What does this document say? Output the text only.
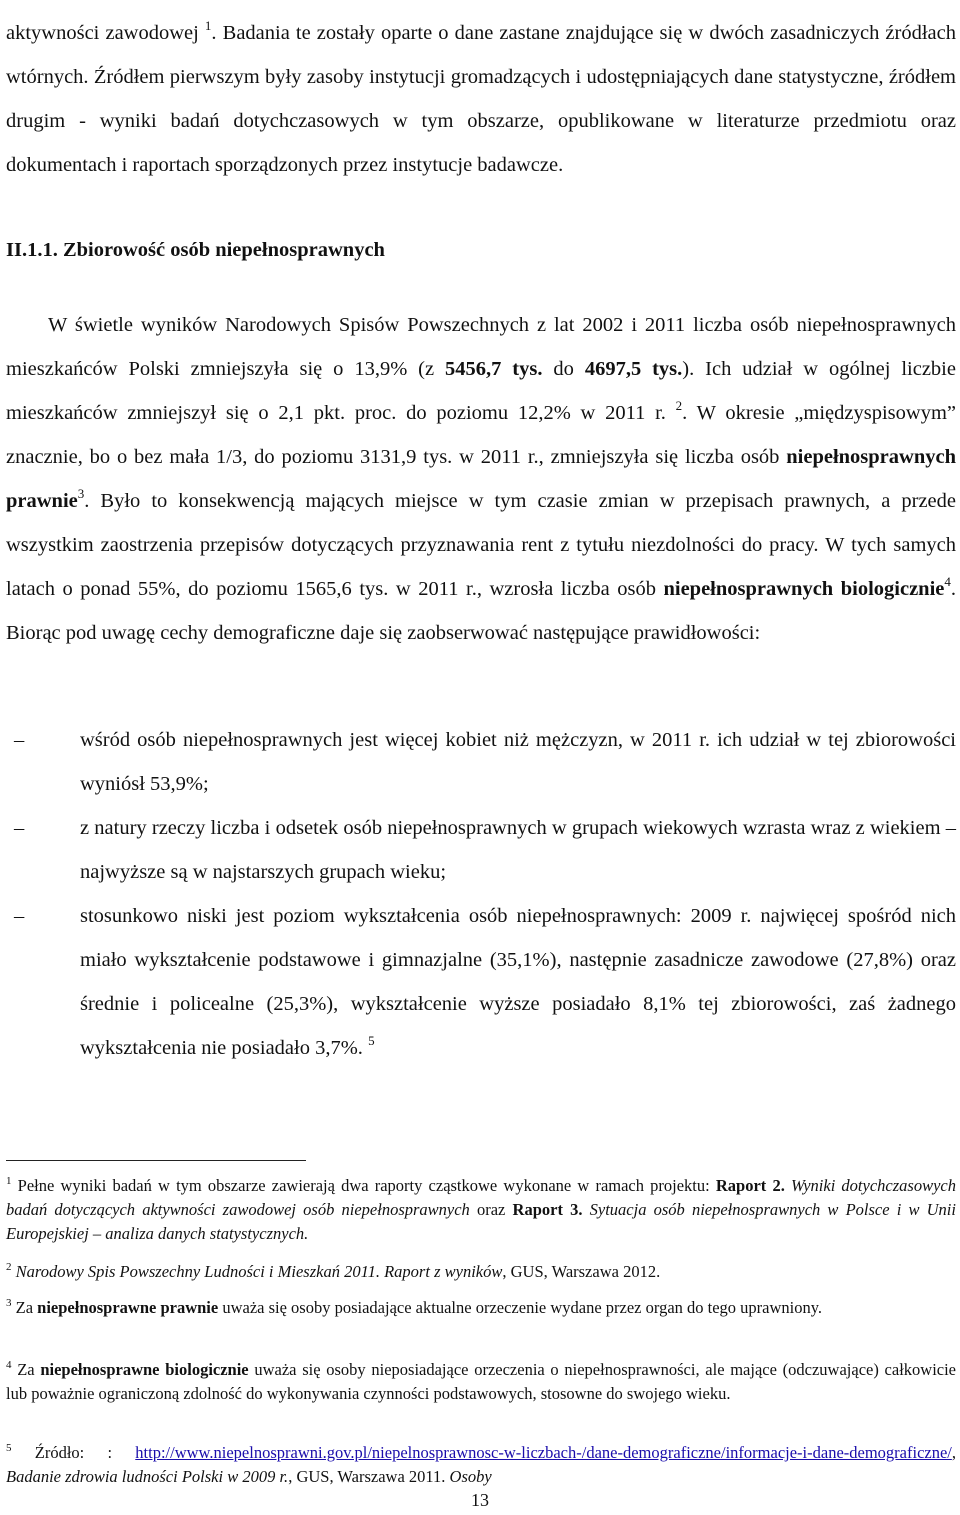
aktywności zawodowej $^1$. Badania te zostały oparte o dane zastane znajdujące się w dwóch zasadniczych źródłach wtórnych. Źródłem pierwszym były zasoby instytucji gromadzących i udostępniających dane statystyczne, źródłem drugim - wyniki badań dotychczasowych w tym obszarze, opublikowane w literaturze przedmiotu oraz dokumentach i raportach sporządzonych przez instytucje badawcze.

II.1.1. Zbiorowość osób niepełnosprawnych

W świetle wyników Narodowych Spisów Powszechnych z lat 2002 i 2011 liczba osób niepełnosprawnych mieszkańców Polski zmniejszyła się o 13,9% (z 5456,7 tys. do 4697,5 tys.). Ich udział w ogólnej liczbie mieszkańców zmniejszył się o 2,1 pkt. proc. do poziomu 12,2% w 2011 r. $^2$. W okresie „międzyspisowym” znacznie, bo o bez mała 1/3, do poziomu 3131,9 tys. w 2011 r., zmniejszyła się liczba osób niepełnosprawnych prawnie$^3$. Było to konsekwencją mających miejsce w tym czasie zmian w przepisach prawnych, a przede wszystkim zaostrzenia przepisów dotyczących przyznawania rent z tytułu niezdolności do pracy. W tych samych latach o ponad 55%, do poziomu 1565,6 tys. w 2011 r., wzrosła liczba osób niepełnosprawnych biologicznie$^4$. Biorąc pod uwagę cechy demograficzne daje się zaobserwować następujące prawidłowości:

–	wśród osób niepełnosprawnych jest więcej kobiet niż mężczyzn, w 2011 r. ich udział w tej zbiorowości wyniósł 53,9%;
–	z natury rzeczy liczba i odsetek osób niepełnosprawnych w grupach wiekowych wzrasta wraz z wiekiem – najwyższe są w najstarszych grupach wieku;
–	stosunkowo niski jest poziom wykształcenia osób niepełnosprawnych: 2009 r. najwięcej spośród nich miało wykształcenie podstawowe i gimnazjalne (35,1%), następnie zasadnicze zawodowe (27,8%) oraz średnie i policealne (25,3%), wykształcenie wyższe posiadało 8,1% tej zbiorowości, zaś żadnego wykształcenia nie posiadało 3,7%. $^5$
$^1$ Pełne wyniki badań w tym obszarze zawierają dwa raporty cząstkowe wykonane w ramach projektu: Raport 2. Wyniki dotychczasowych badań dotyczących aktywności zawodowej osób niepełnosprawnych oraz Raport 3. Sytuacja osób niepełnosprawnych w Polsce i w Unii Europejskiej – analiza danych statystycznych.
$^2$ Narodowy Spis Powszechny Ludności i Mieszkań 2011. Raport z wyników, GUS, Warszawa 2012.
$^3$ Za niepełnosprawne prawnie uważa się osoby posiadające aktualne orzeczenie wydane przez organ do tego uprawniony.
$^4$ Za niepełnosprawne biologicznie uważa się osoby nieposiadające orzeczenia o niepełnosprawności, ale mające (odczuwające) całkowicie lub poważnie ograniczoną zdolność do wykonywania czynności podstawowych, stosowne do swojego wieku.
$^5$ Źródło: : http://www.niepelnosprawni.gov.pl/niepelnosprawnosc-w-liczbach-/dane-demograficzne/informacje-i-dane-demograficzne/, Badanie zdrowia ludności Polski w 2009 r., GUS, Warszawa 2011. Osoby
13
